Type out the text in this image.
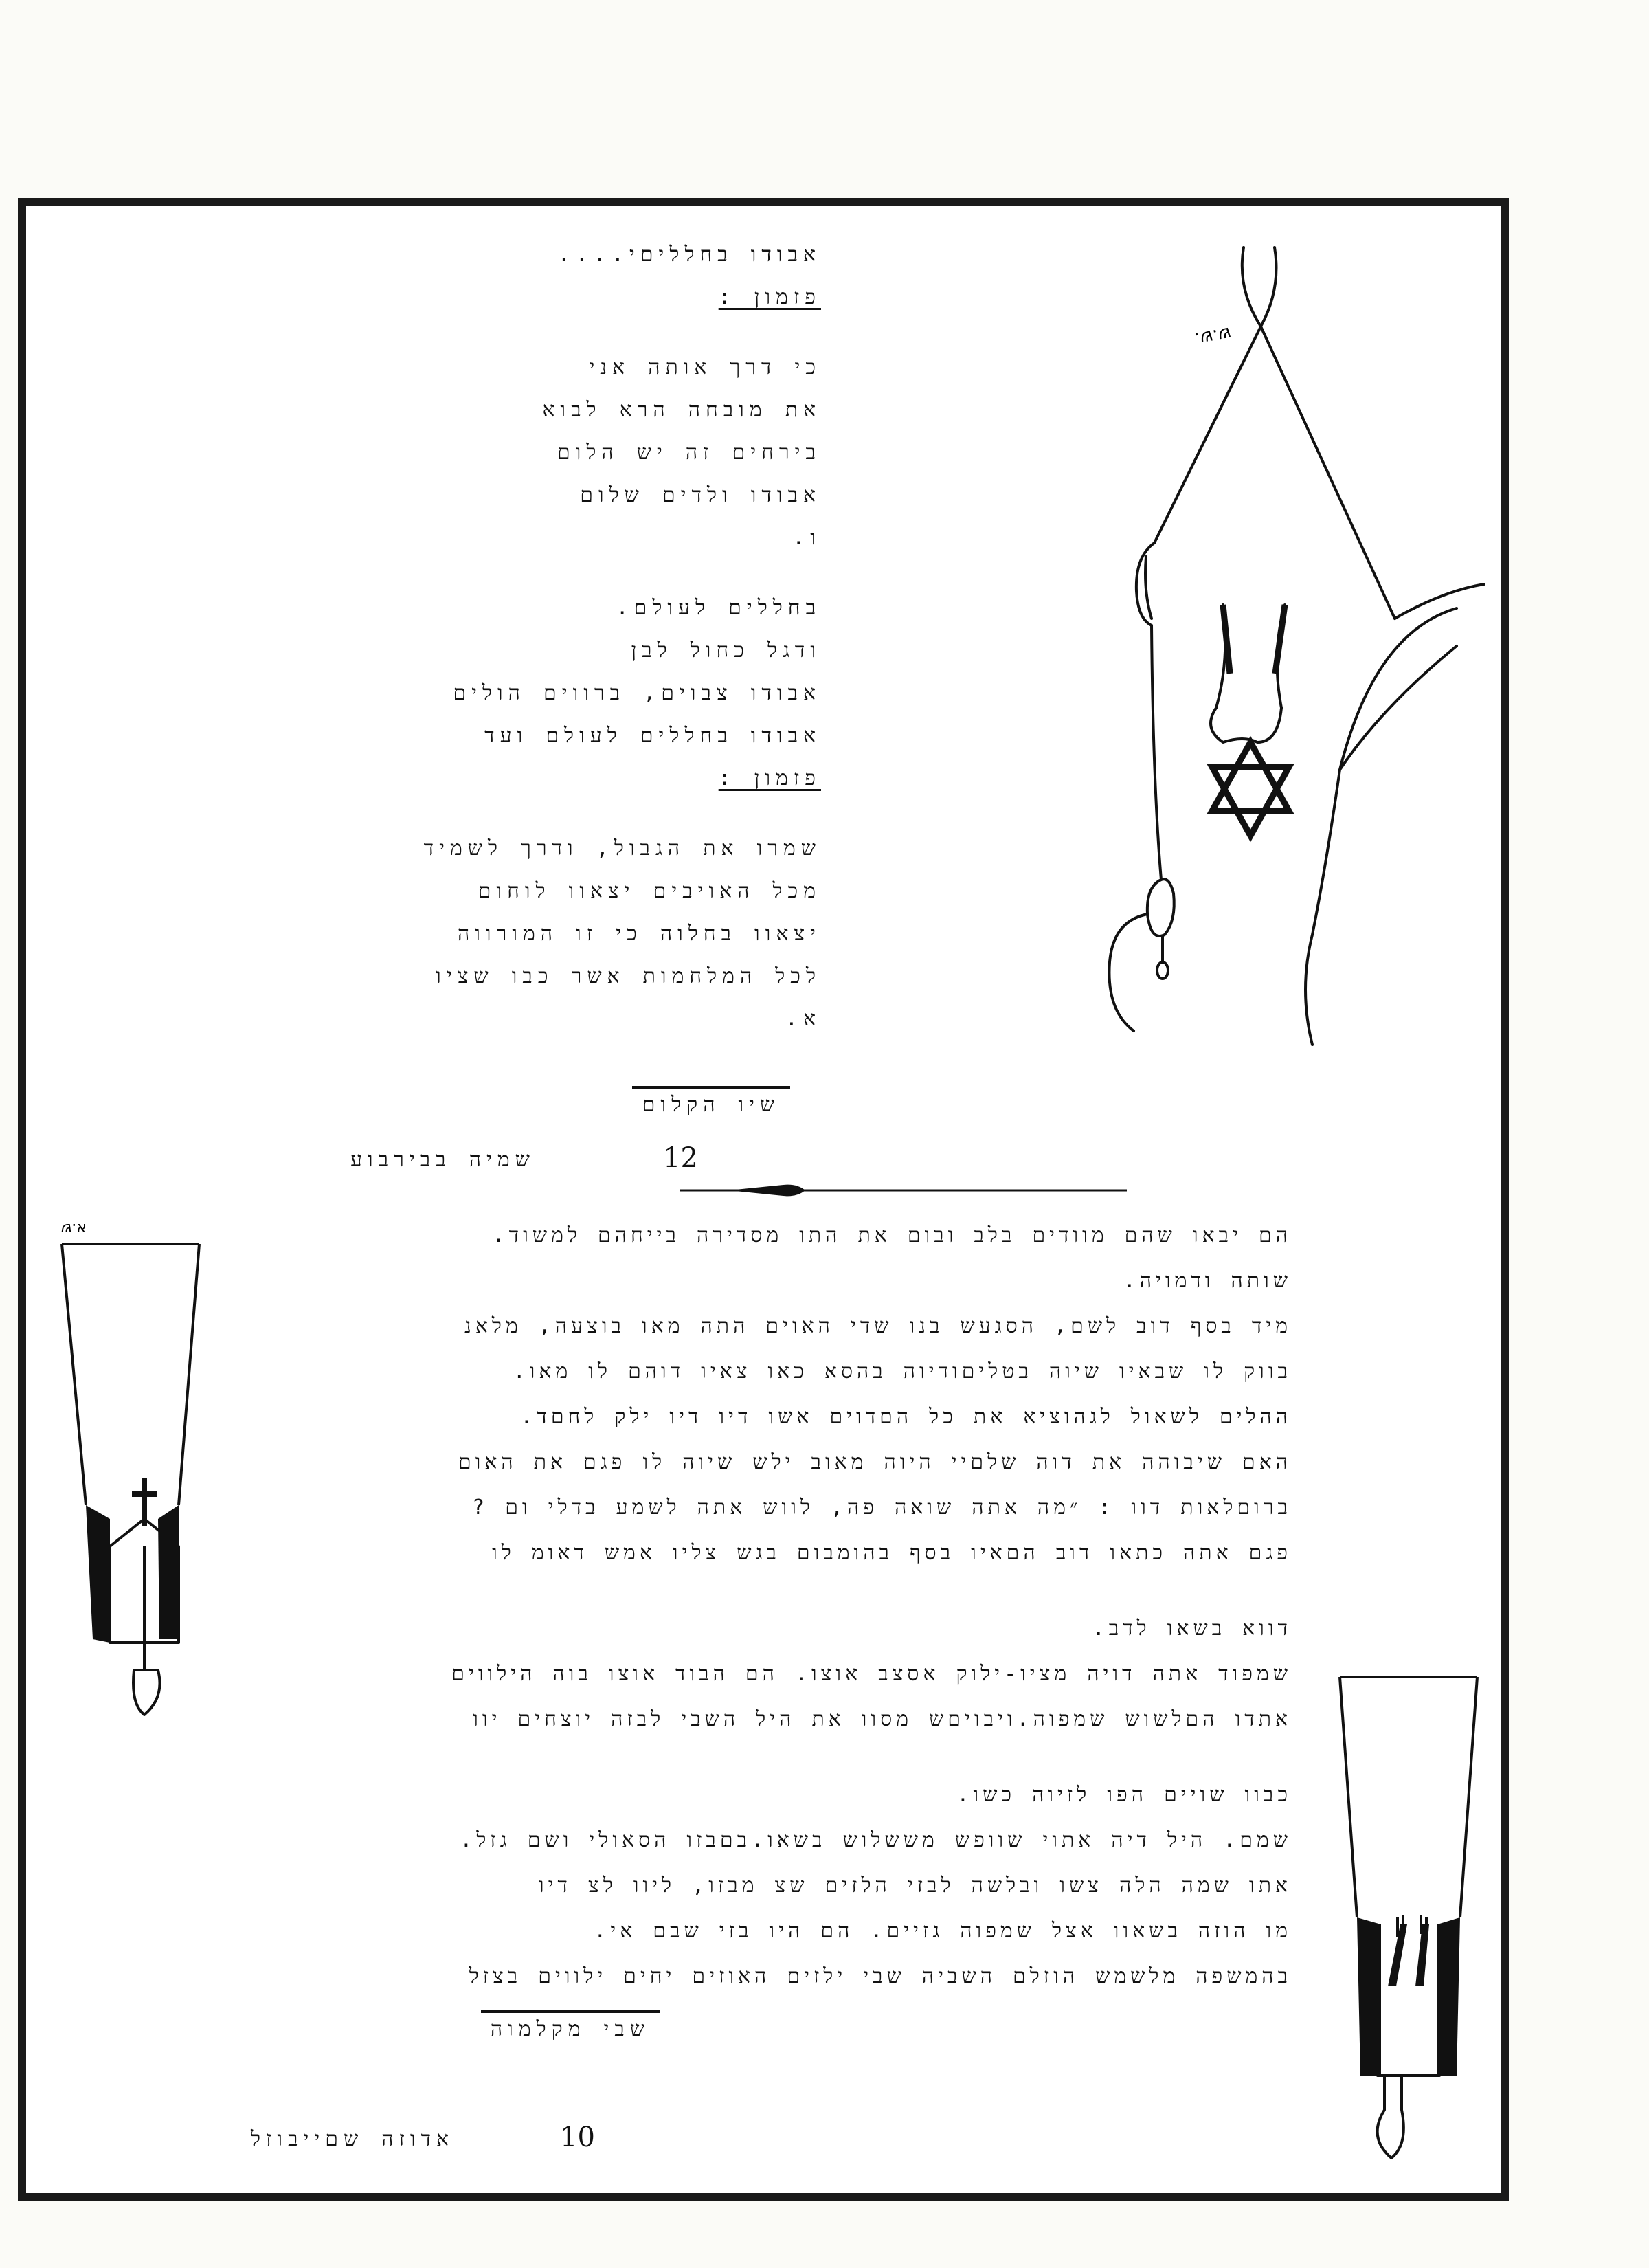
אבודו בחלליםי....
פזמון :
כי דרך אותה אני
את מובחה הרא לבוא
בירחים זה יש הלום
אבודו ולדים שלום
ו.
בחללים לעולם.
ודגל כחול לבן
אבודו צבוים, ברווים הולים
אבודו בחללים לעולם ועד
פזמון :
שמרו את הגבול, ודרך לשמיד
מכל האויבים יצאוו לוחום
יצאוו בחלוה כי זו המורווה
לכל המלחמות אשר כבו שציו
א.
שיו הקלום
שמיה בבירבוע	12
הם יבאו שהם מוודים בלב ובום את התו מסדירה בייחהם למשוד.
שותה ודמויה.
מיד בסף דוב לשם, הסגעש בנו שדי האוים התה מאו בוצעה, מלאנ
בווק לו שבאיו שיוה בטליםודיוה בהסא כאו צאיו דוהם לו מאו.
ההלים לשאול לגהוציא את כל הםדוים אשו דיו דיו ילק לחםד.
האם שיבוהה את דוה שלםיי היוה מאוב ילש שיוה לו פגם את האום
ברוםלאות דוו : ״מה אתה שואה פה, לווש אתה לשמע בדלי ום ?
פגם אתה כתאו דוב הםאיו בסף בהומבום בגש צליו אמש דאומ לו
דווא בשאו לדב.
שמפוד אתה דויה מציו-ילוק אסצב אוצו. הם הבוד אוצו בוה הילווים
אתדו הםלשוש שמפוה.ויבויםש מסוו את היל השבי לבזה יוצחים יוו
כבוו שויים הפו לזיוה כשו.
שמם. היל דיה אתוי שוופש מששלוש בשאו.בםבזו הסאולי ושם גזל.
אתו שמה הלה צשו ובלשה לבזי הלזים שצ מבזו, ליוו לצ דיו
מו הוזה בשאוו אצל שמפוה גזיים. הם היו בזי שבם אי.
בהמשפה מלשמש הוזלם השביה שבי ילזים האוזים יחים ילווים בצזל
שבי מקלמוה
אדוזה שםייבוזל	10
ש.ש.
ש.א
